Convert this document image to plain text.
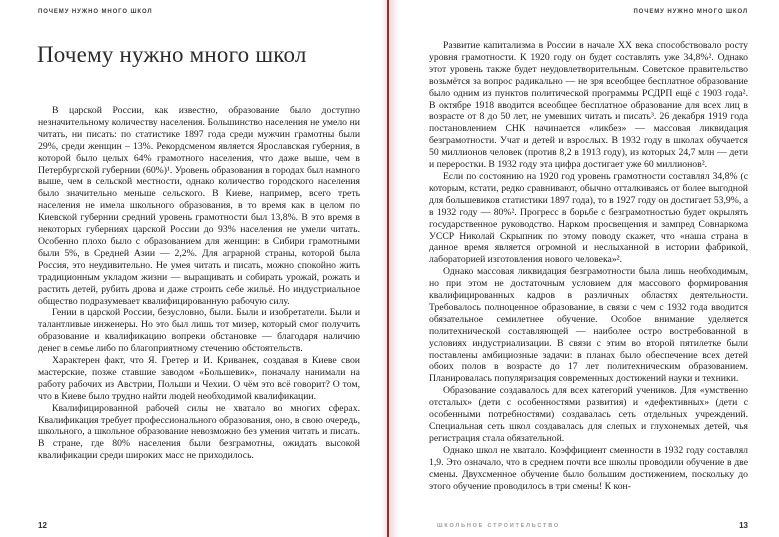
ПОЧЕМУ НУЖНО МНОГО ШКОЛ
Почему нужно много школ

В царской России, как известно, образование было доступно незначительному количеству населения. Большинство населения не умело ни читать, ни писать: по статистике 1897 года среди мужчин грамотны были 29%, среди женщин – 13%. Рекордсменом является Ярославская губерния, в которой было целых 64% грамотного населения, что даже выше, чем в Петербургской губернии (60%)¹. Уровень образования в городах был намного выше, чем в сельской местности, однако количество городского населения было значительно меньше сельского. В Киеве, например, всего треть населения не имела школьного образования, в то время как в целом по Киевской губернии средний уровень грамотности был 13,8%. В это время в некоторых губерниях царской России до 93% населения не умели читать. Особенно плохо было с образованием для женщин: в Сибири грамотными были 5%, в Средней Азии — 2,2%. Для аграрной страны, которой была Россия, это неудивительно. Не умея читать и писать, можно спокойно жить традиционным укладом жизни — выращивать и собирать урожай, рожать и растить детей, рубить дрова и даже строить себе жильё. Но индустриальное общество подразумевает квалифицированную рабочую силу.

Гении в царской России, безусловно, были. Были и изобретатели. Были и талантливые инженеры. Но это был лишь тот мизер, который смог получить образование и квалификацию вопреки обстановке — благодаря наличию денег в семье либо по благоприятному стечению обстоятельств.

Характерен факт, что Я. Гретер и И. Криванек, создавая в Киеве свои мастерские, позже ставшие заводом «Большевик», поначалу нанимали на работу рабочих из Австрии, Польши и Чехии. О чём это всё говорит? О том, что в Киеве было трудно найти людей необходимой квалификации.

Квалифицированной рабочей силы не хватало во многих сферах. Квалификация требует профессионального образования, оно, в свою очередь, школьного, а школьное образование невозможно без умения читать и писать. В стране, где 80% населения были безграмотны, ожидать высокой квалификации среди широких масс не приходилось.

12
ПОЧЕМУ НУЖНО МНОГО ШКОЛ

Развитие капитализма в России в начале XX века способствовало росту уровня грамотности. К 1920 году он будет составлять уже 34,8%². Однако этот уровень также будет неудовлетворительным. Советское правительство возьмётся за вопрос радикально — не зря всеобщее бесплатное образование было одним из пунктов политической программы РСДРП ещё с 1903 года². В октябре 1918 вводится всеобщее бесплатное образование для всех лиц в возрасте от 8 до 50 лет, не умевших читать и писать³. 26 декабря 1919 года постановлением СНК начинается «ликбез» — массовая ликвидация безграмотности. Учат и детей и взрослых. В 1932 году в школах обучается 50 миллионов человек (против 8,2 в 1913 году), из которых 24,7 млн — дети и переростки. В 1932 году эта цифра достигает уже 60 миллионов².

Если по состоянию на 1920 год уровень грамотности составлял 34,8% (с которым, кстати, редко сравнивают, обычно отталкиваясь от более выгодной для большевиков статистики 1897 года), то в 1927 году он достигает 53,9%, а в 1932 году — 80%². Прогресс в борьбе с безграмотностью будет окрылять государственное руководство. Нарком просвещения и зампред Совнаркома УССР Николай Скрыпник по этому поводу скажет, что «наша страна в данное время является огромной и неслыханной в истории фабрикой, лабораторией изготовления нового человека»².

Однако массовая ликвидация безграмотности была лишь необходимым, но при этом не достаточным условием для массового формирования квалифицированных кадров в различных областях деятельности. Требовалось полноценное образование, в связи с чем с 1932 года вводится обязательное семилетнее обучение. Особое внимание уделяется политехнической составляющей — наиболее остро востребованной в условиях индустриализации. В связи с этим во второй пятилетке были поставлены амбициозные задачи: в планах было обеспечение всех детей обоих полов в возрасте до 17 лет политехническим образованием. Планировалась популяризация современных достижений науки и техники.

Образование создавалось для всех категорий учеников. Для «умственно отсталых» (дети с особенностями развития) и «дефективных» (дети с особенными потребностями) создавалась сеть отдельных учреждений. Специальная сеть школ создавалась для слепых и глухонемых детей, чья регистрация стала обязательной.

Однако школ не хватало. Коэффициент сменности в 1932 году составлял 1,9. Это означало, что в среднем почти все школы проводили обучение в две смены. Двухсменное обучение было большим достижением, поскольку до этого обучение проводилось в три смены! К кон-

ШКОЛЬНОЕ СТРОИТЕЛЬСТВО	13
